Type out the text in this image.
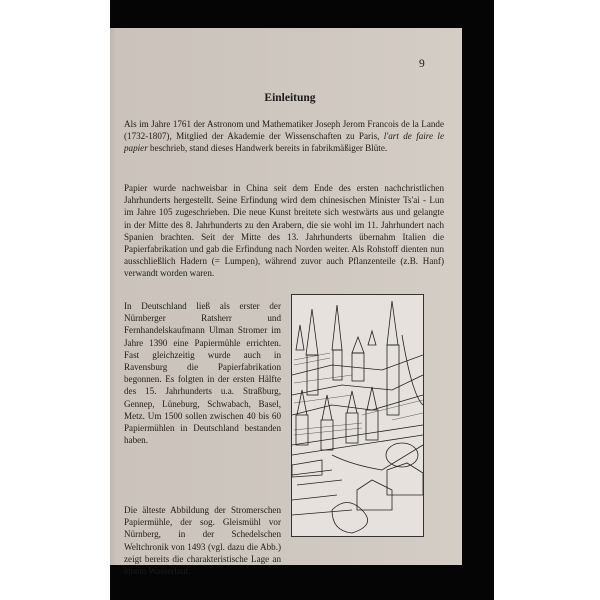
9
Einleitung
Als im Jahre 1761 der Astronom und Mathematiker Joseph Jerom Francois de la Lande (1732-1807), Mitglied der Akademie der Wissenschaften zu Paris, l'art de faire le papier beschrieb, stand dieses Handwerk bereits in fabrikmäßiger Blüte.
Papier wurde nachweisbar in China seit dem Ende des ersten nachchristlichen Jahrhunderts hergestellt. Seine Erfindung wird dem chinesischen Minister Ts'ai - Lun im Jahre 105 zugeschrieben. Die neue Kunst breitete sich westwärts aus und gelangte in der Mitte des 8. Jahrhunderts zu den Arabern, die sie wohl im 11. Jahrhundert nach Spanien brachten. Seit der Mitte des 13. Jahrhunderts übernahm Italien die Papierfabrikation und gab die Erfindung nach Norden weiter. Als Rohstoff dienten nun ausschließlich Hadern (= Lumpen), während zuvor auch Pflanzenteile (z.B. Hanf) verwandt worden waren.
In Deutschland ließ als erster der Nürnberger Ratsherr und Fernhandelskaufmann Ulman Stromer im Jahre 1390 eine Papiermühle errichten. Fast gleichzeitig wurde auch in Ravensburg die Papierfabrikation begonnen. Es folgten in der ersten Hälfte des 15. Jahrhunderts u.a. Straßburg, Gennep, Lüneburg, Schwabach, Basel, Metz. Um 1500 sollen zwischen 40 bis 60 Papiermühlen in Deutschland bestanden haben.
Die älteste Abbildung der Stromerschen Papiermühle, der sog. Gleismühl vor Nürnberg, in der Schedelschen Weltchronik von 1493 (vgl. dazu die Abb.) zeigt bereits die charakteristische Lage an einem Wasserlauf.
